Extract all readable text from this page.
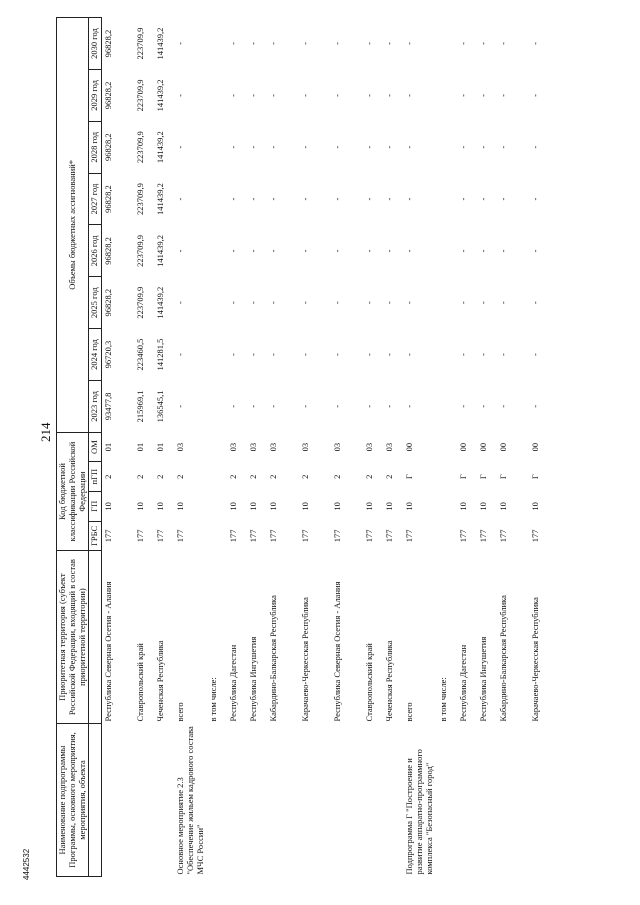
214
4442532
Наименование подпрограммы Программы, основного мероприятия, мероприятия, объекта	Приоритетная территория (субъект Российской Федерации, входящий в состав приоритетной территории)	Код бюджетной классификации Российской Федерации				Объемы бюджетных ассигнований*							

		ГРБС	ГП	пГП	ОМ	2023 год	2024 год	2025 год	2026 год	2027 год	2028 год	2029 год	2030 год
	Республика Северная Осетия - Алания	177	10	2	01	93477,8	96720,3	96828,2	96828,2	96828,2	96828,2	96828,2	96828,2
	Ставропольский край	177	10	2	01	215969,1	223460,5	223709,9	223709,9	223709,9	223709,9	223709,9	223709,9
	Чеченская Республика	177	10	2	01	136545,1	141281,5	141439,2	141439,2	141439,2	141439,2	141439,2	141439,2
Основное мероприятие 2.3 "Обеспечение жильем кадрового состава МЧС России"	всего	177	10	2	03	-	-	-	-	-	-	-	-
	в том числе:												
	Республика Дагестан	177	10	2	03	-	-	-	-	-	-	-	-
	Республика Ингушетия	177	10	2	03	-	-	-	-	-	-	-	-
	Кабардино-Балкарская Республика	177	10	2	03	-	-	-	-	-	-	-	-
	Карачаево-Черкесская Республика	177	10	2	03	-	-	-	-	-	-	-	-
	Республика Северная Осетия - Алания	177	10	2	03	-	-	-	-	-	-	-	-
	Ставропольский край	177	10	2	03	-	-	-	-	-	-	-	-
	Чеченская Республика	177	10	2	03	-	-	-	-	-	-	-	-
Подпрограмма Г "Построение и развитие аппаратно-программного комплекса "Безопасный город"	всего	177	10	Г	00	-	-	-	-	-	-	-	-
	в том числе:												
	Республика Дагестан	177	10	Г	00	-	-	-	-	-	-	-	-
	Республика Ингушетия	177	10	Г	00	-	-	-	-	-	-	-	-
	Кабардино-Балкарская Республика	177	10	Г	00	-	-	-	-	-	-	-	-
	Карачаево-Черкесская Республика	177	10	Г	00	-	-	-	-	-	-	-	-
